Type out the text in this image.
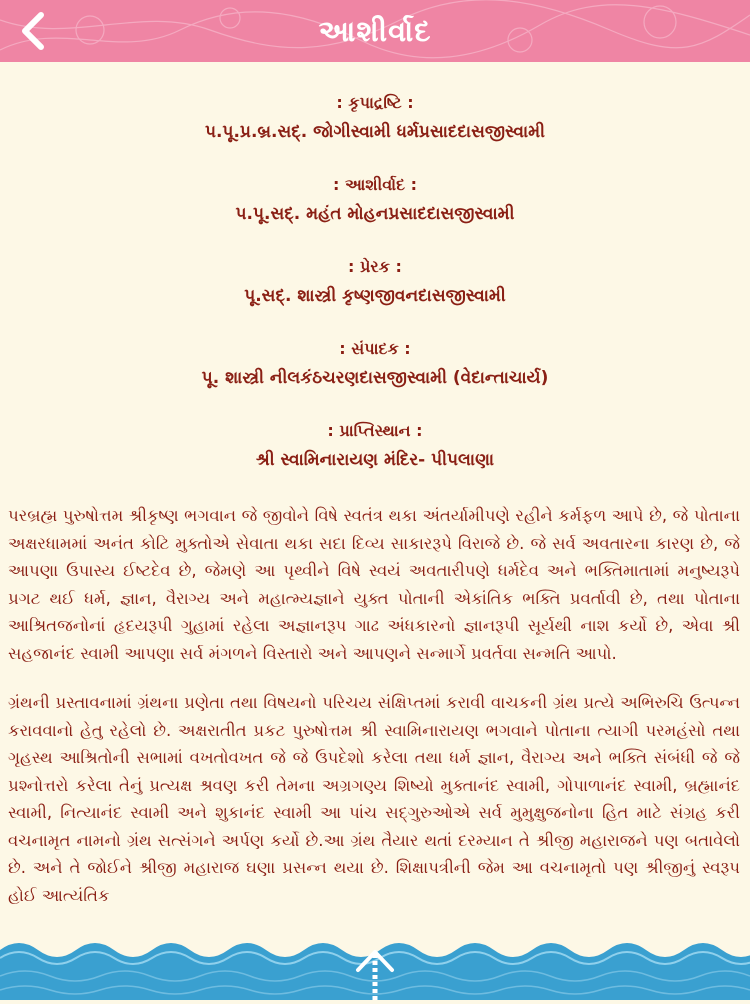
આશીર્વાદ
: કૃપાદ્રષ્ટિ :
પ.પૂ.પ્ર.બ્ર.સદ્. જોગીસ્વામી ધર્મપ્રસાદદાસજીસ્વામી
: આશીર્વાદ :
પ.પૂ.સદ્. મહંત મોહનપ્રસાદદાસજીસ્વામી
: પ્રેરક :
પૂ.સદ્. શાસ્ત્રી કૃષ્ણજીવનદાસજીસ્વામી
: સંપાદક :
પૂ. શાસ્ત્રી નીલકંઠચરણદાસજીસ્વામી (વેદાન્તાચાર્ય)
: પ્રાપ્તિસ્થાન :
શ્રી સ્વામિનારાયણ મંદિર- પીપલાણા

પરબ્રહ્મ પુરુષોત્તમ શ્રીકૃષ્ણ ભગવાન જે જીવોને વિષે સ્વતંત્ર થકા અંતર્યામીપણે રહીને કર્મફળ આપે છે, જે પોતાના અક્ષરધામમાં અનંત કોટિ મુક્તોએ સેવાતા થકા સદા દિવ્ય સાકારરૂપે વિરાજે છે. જે સર્વ અવતારના કારણ છે, જે આપણા ઉપાસ્ય ઈષ્ટદેવ છે, જેમણે આ પૃથ્વીને વિષે સ્વયં અવતારીપણે ધર્મદેવ અને ભક્તિમાતામાં મનુષ્યરૂપે પ્રગટ થઈ ધર્મ, જ્ઞાન, વૈરાગ્ય અને મહાત્મ્યજ્ઞાને યુક્ત પોતાની એકાંતિક ભક્તિ પ્રવર્તાવી છે, તથા પોતાના આશ્રિતજનોનાં હૃદયરૂપી ગુહામાં રહેલા અજ્ઞાનરૂપ ગાઢ અંધકારનો જ્ઞાનરૂપી સૂર્યથી નાશ કર્યો છે, એવા શ્રી સહજાનંદ સ્વામી આપણા સર્વ મંગળને વિસ્તારો અને આપણને સન્માર્ગે પ્રવર્તવા સન્મતિ આપો.

ગ્રંથની પ્રસ્તાવનામાં ગ્રંથના પ્રણેતા તથા વિષયનો પરિચય સંક્ષિપ્તમાં કરાવી વાચકની ગ્રંથ પ્રત્યે અભિરુચિ ઉત્પન્ન કરાવવાનો હેતુ રહેલો છે. અક્ષરાતીત પ્રકટ પુરુષોત્તમ શ્રી સ્વામિનારાયણ ભગવાને પોતાના ત્યાગી પરમહંસો તથા ગૃહસ્થ આશ્રિતોની સભામાં વખતોવખત જે જે ઉપદેશો કરેલા તથા ધર્મ જ્ઞાન, વૈરાગ્ય અને ભક્તિ સંબંધી જે જે પ્રશ્નોત્તરો કરેલા તેનું પ્રત્યક્ષ શ્રવણ કરી તેમના અગ્રગણ્ય શિષ્યો મુક્તાનંદ સ્વામી, ગોપાળાનંદ સ્વામી, બ્રહ્માનંદ સ્વામી, નિત્યાનંદ સ્વામી અને શુકાનંદ સ્વામી આ પાંચ સદ્ગુરુઓએ સર્વ મુમુક્ષુજનોના હિત માટે સંગ્રહ કરી વચનામૃત નામનો ગ્રંથ સત્સંગને અર્પણ કર્યો છે.આ ગ્રંથ તૈયાર થતાં દરમ્યાન તે શ્રીજી મહારાજને પણ બતાવેલો છે. અને તે જોઈને શ્રીજી મહારાજ ઘણા પ્રસન્ન થયા છે. શિક્ષાપત્રીની જેમ આ વચનામૃતો પણ શ્રીજીનું સ્વરૂપ હોઈ આત્યંતિક
